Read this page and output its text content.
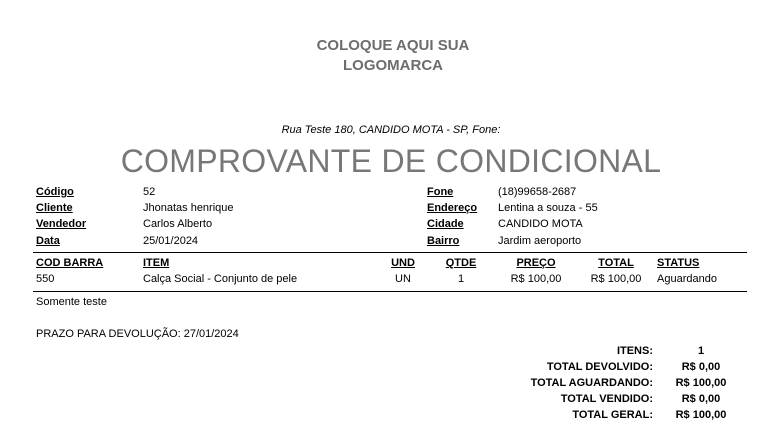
COLOQUE AQUI SUA
LOGOMARCA
Rua Teste 180, CANDIDO MOTA - SP, Fone:
COMPROVANTE DE CONDICIONAL
Código	52
Cliente	Jhonatas henrique
Vendedor	Carlos Alberto
Data	25/01/2024
Fone	(18)99658-2687
Endereço Lentina a souza - 55
Cidade	CANDIDO MOTA
Bairro	Jardim aeroporto
COD BARRA	ITEM	UND	QTDE	PREÇO	TOTAL	STATUS
550	Calça Social - Conjunto de pele	UN	1	R$ 100,00	R$ 100,00	Aguardando
Somente teste
PRAZO PARA DEVOLUÇÃO: 27/01/2024
ITENS:	1
TOTAL DEVOLVIDO:	R$ 0,00
TOTAL AGUARDANDO:	R$ 100,00
TOTAL VENDIDO:	R$ 0,00
TOTAL GERAL:	R$ 100,00
